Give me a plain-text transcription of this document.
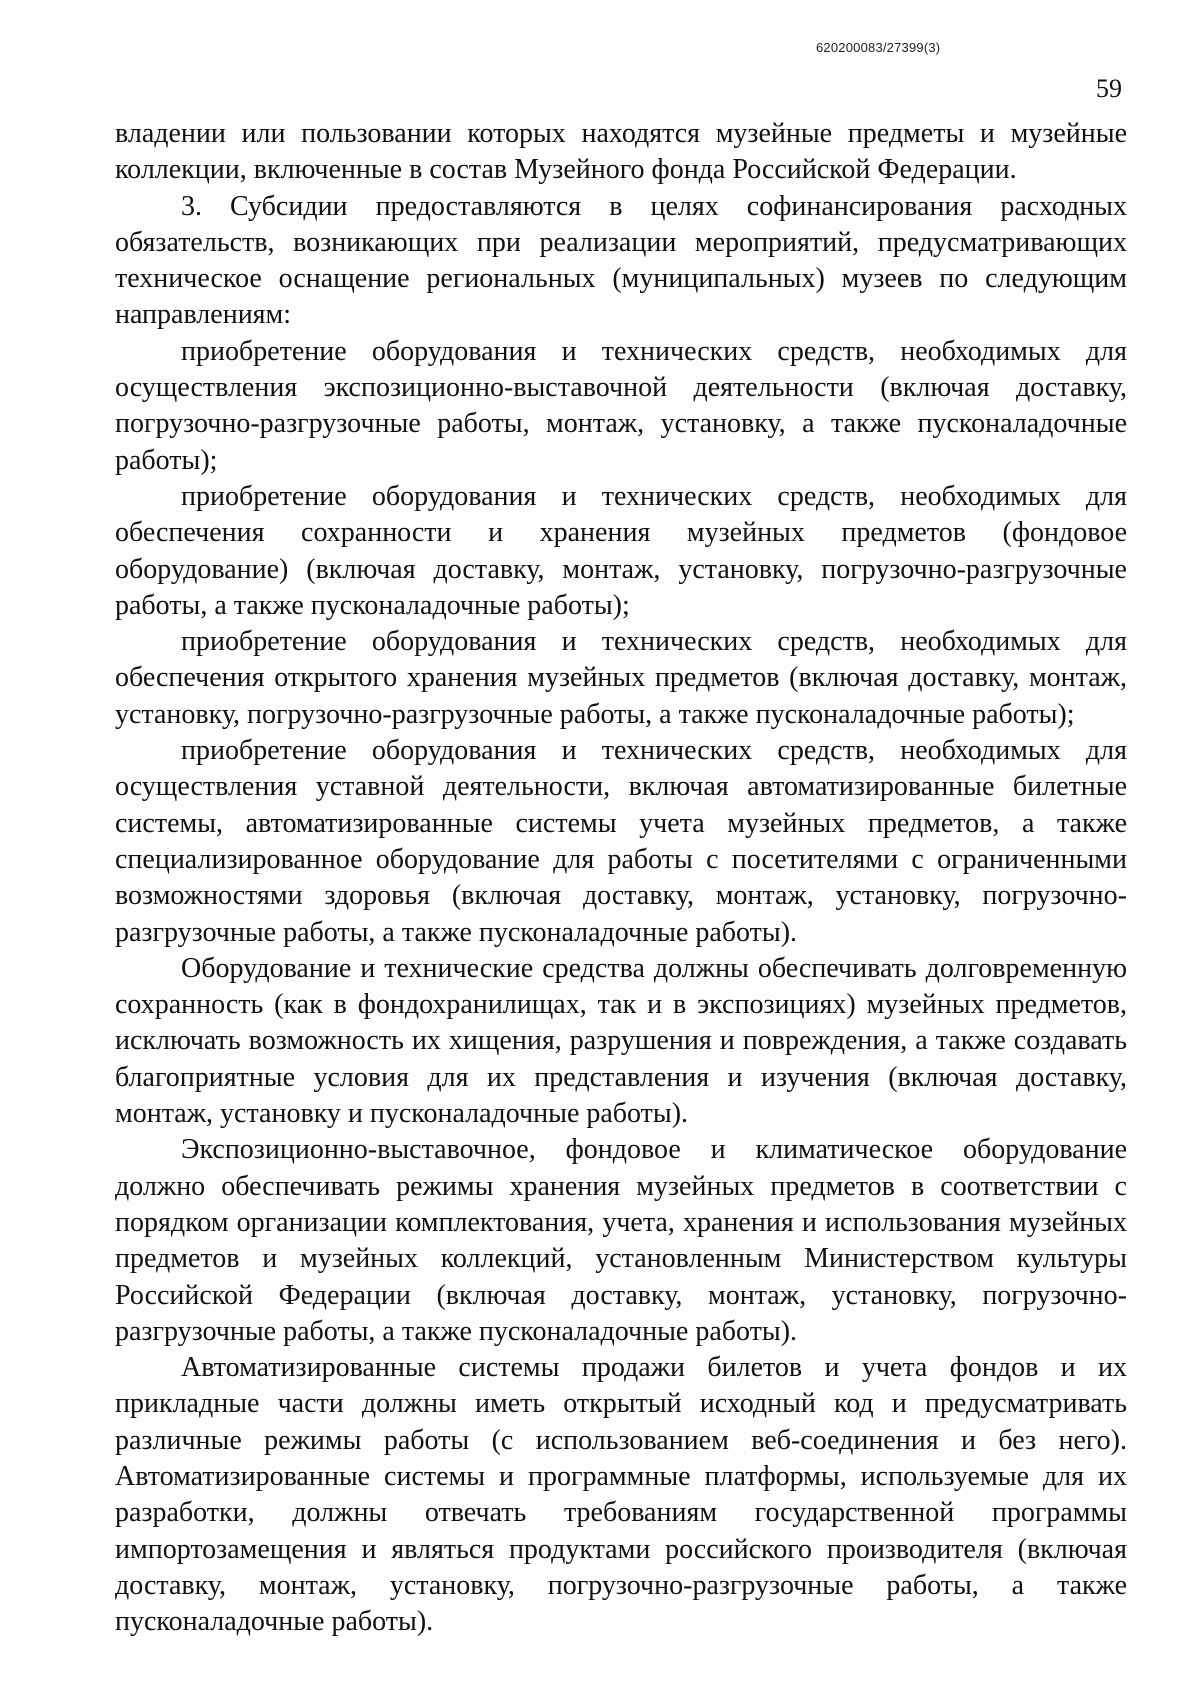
620200083/27399(3)
59

владении или пользовании которых находятся музейные предметы и музейные коллекции, включенные в состав Музейного фонда Российской Федерации.

3. Субсидии предоставляются в целях софинансирования расходных обязательств, возникающих при реализации мероприятий, предусматривающих техническое оснащение региональных (муниципальных) музеев по следующим направлениям:

приобретение оборудования и технических средств, необходимых для осуществления экспозиционно-выставочной деятельности (включая доставку, погрузочно-разгрузочные работы, монтаж, установку, а также пусконаладочные работы);

приобретение оборудования и технических средств, необходимых для обеспечения сохранности и хранения музейных предметов (фондовое оборудование) (включая доставку, монтаж, установку, погрузочно-разгрузочные работы, а также пусконаладочные работы);

приобретение оборудования и технических средств, необходимых для обеспечения открытого хранения музейных предметов (включая доставку, монтаж, установку, погрузочно-разгрузочные работы, а также пусконаладочные работы);

приобретение оборудования и технических средств, необходимых для осуществления уставной деятельности, включая автоматизированные билетные системы, автоматизированные системы учета музейных предметов, а также специализированное оборудование для работы с посетителями с ограниченными возможностями здоровья (включая доставку, монтаж, установку, погрузочно-разгрузочные работы, а также пусконаладочные работы).

Оборудование и технические средства должны обеспечивать долговременную сохранность (как в фондохранилищах, так и в экспозициях) музейных предметов, исключать возможность их хищения, разрушения и повреждения, а также создавать благоприятные условия для их представления и изучения (включая доставку, монтаж, установку и пусконаладочные работы).

Экспозиционно-выставочное, фондовое и климатическое оборудование должно обеспечивать режимы хранения музейных предметов в соответствии с порядком организации комплектования, учета, хранения и использования музейных предметов и музейных коллекций, установленным Министерством культуры Российской Федерации (включая доставку, монтаж, установку, погрузочно-разгрузочные работы, а также пусконаладочные работы).

Автоматизированные системы продажи билетов и учета фондов и их прикладные части должны иметь открытый исходный код и предусматривать различные режимы работы (с использованием веб-соединения и без него). Автоматизированные системы и программные платформы, используемые для их разработки, должны отвечать требованиям государственной программы импортозамещения и являться продуктами российского производителя (включая доставку, монтаж, установку, погрузочно-разгрузочные работы, а также пусконаладочные работы).
